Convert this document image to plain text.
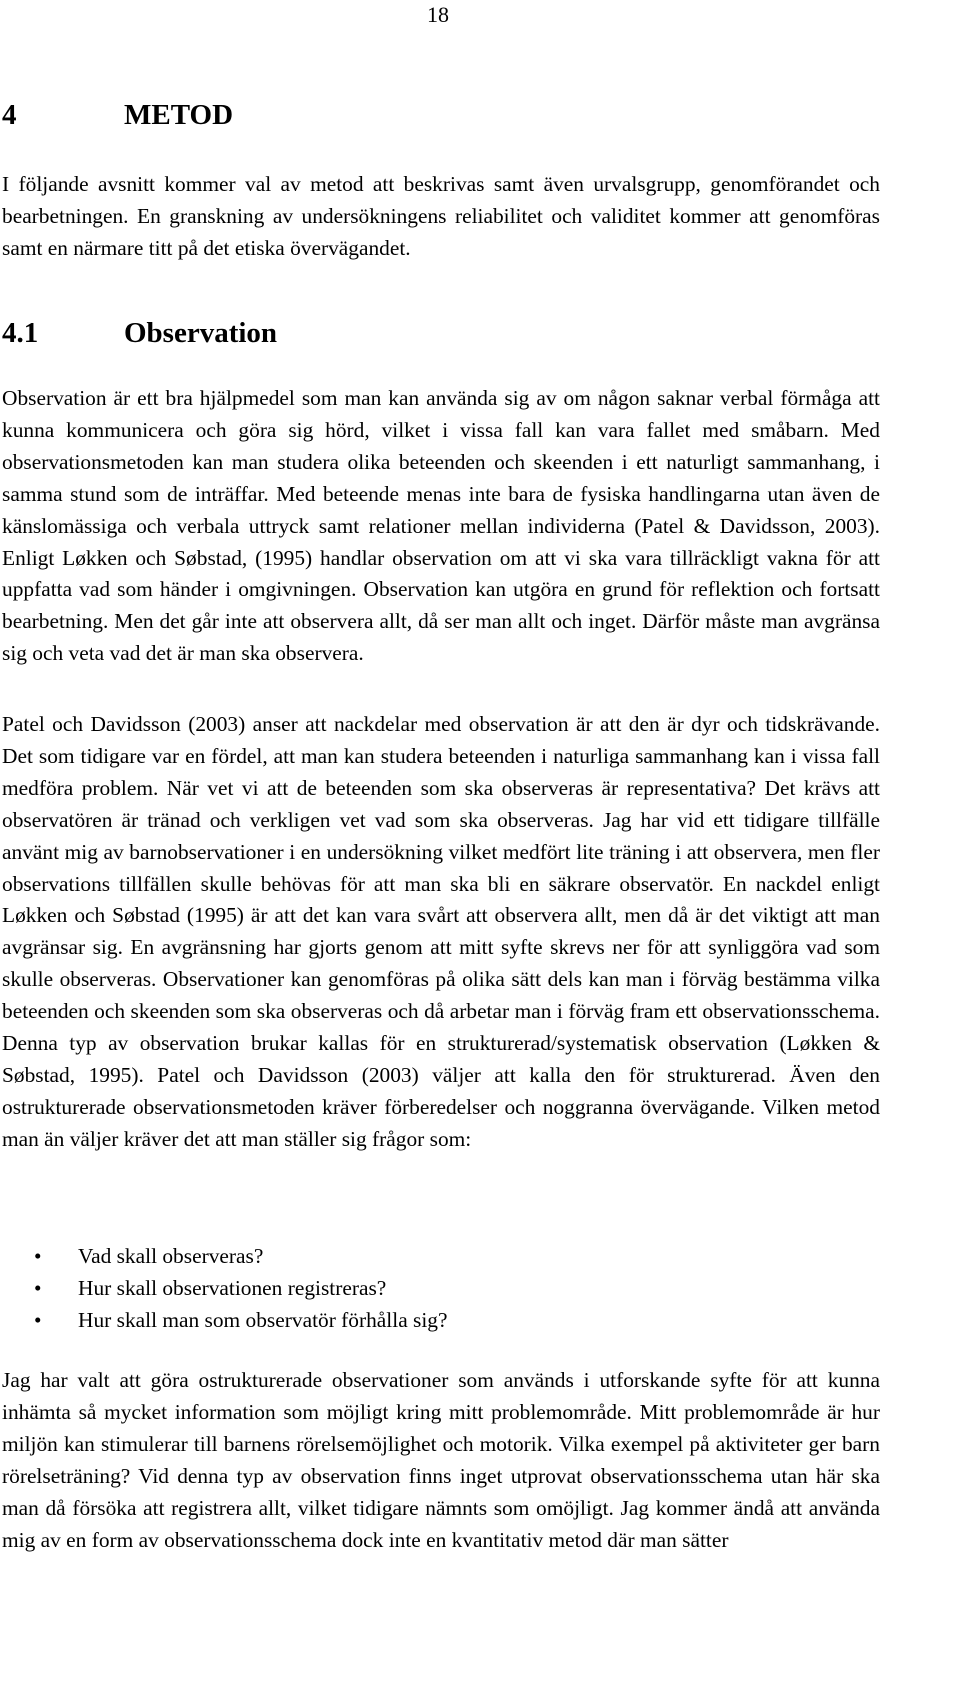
18
4	METOD

I följande avsnitt kommer val av metod att beskrivas samt även urvalsgrupp, genomförandet och bearbetningen. En granskning av undersökningens reliabilitet och validitet kommer att genomföras samt en närmare titt på det etiska övervägandet.

4.1	Observation

Observation är ett bra hjälpmedel som man kan använda sig av om någon saknar verbal förmåga att kunna kommunicera och göra sig hörd, vilket i vissa fall kan vara fallet med småbarn. Med observationsmetoden kan man studera olika beteenden och skeenden i ett naturligt sammanhang, i samma stund som de inträffar. Med beteende menas inte bara de fysiska handlingarna utan även de känslomässiga och verbala uttryck samt relationer mellan individerna (Patel & Davidsson, 2003). Enligt Løkken och Søbstad, (1995) handlar observation om att vi ska vara tillräckligt vakna för att uppfatta vad som händer i omgivningen. Observation kan utgöra en grund för reflektion och fortsatt bearbetning. Men det går inte att observera allt, då ser man allt och inget. Därför måste man avgränsa sig och veta vad det är man ska observera.

Patel och Davidsson (2003) anser att nackdelar med observation är att den är dyr och tidskrävande. Det som tidigare var en fördel, att man kan studera beteenden i naturliga sammanhang kan i vissa fall medföra problem. När vet vi att de beteenden som ska observeras är representativa? Det krävs att observatören är tränad och verkligen vet vad som ska observeras. Jag har vid ett tidigare tillfälle använt mig av barnobservationer i en undersökning vilket medfört lite träning i att observera, men fler observations tillfällen skulle behövas för att man ska bli en säkrare observatör. En nackdel enligt Løkken och Søbstad (1995) är att det kan vara svårt att observera allt, men då är det viktigt att man avgränsar sig. En avgränsning har gjorts genom att mitt syfte skrevs ner för att synliggöra vad som skulle observeras. Observationer kan genomföras på olika sätt dels kan man i förväg bestämma vilka beteenden och skeenden som ska observeras och då arbetar man i förväg fram ett observationsschema. Denna typ av observation brukar kallas för en strukturerad/systematisk observation (Løkken & Søbstad, 1995). Patel och Davidsson (2003) väljer att kalla den för strukturerad. Även den ostrukturerade observationsmetoden kräver förberedelser och noggranna övervägande. Vilken metod man än väljer kräver det att man ställer sig frågor som:

• Vad skall observeras?
• Hur skall observationen registreras?
• Hur skall man som observatör förhålla sig?

Jag har valt att göra ostrukturerade observationer som används i utforskande syfte för att kunna inhämta så mycket information som möjligt kring mitt problemområde. Mitt problemområde är hur miljön kan stimulerar till barnens rörelsemöjlighet och motorik. Vilka exempel på aktiviteter ger barn rörelseträning? Vid denna typ av observation finns inget utprovat observationsschema utan här ska man då försöka att registrera allt, vilket tidigare nämnts som omöjligt. Jag kommer ändå att använda mig av en form av observationsschema dock inte en kvantitativ metod där man sätter
